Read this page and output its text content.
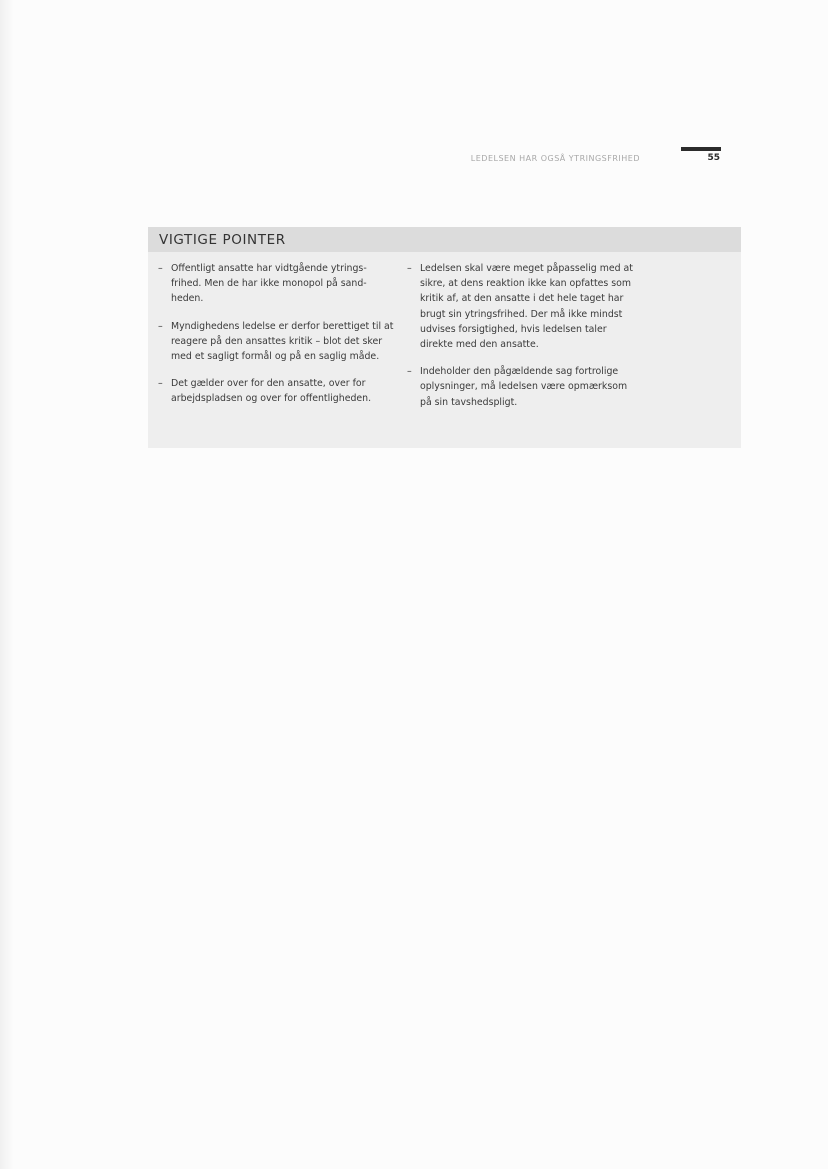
LEDELSEN HAR OGSÅ YTRINGSFRIHED	55
VIGTIGE POINTER
– Offentligt ansatte har vidtgående ytrings-frihed. Men de har ikke monopol på sand-heden.
– Myndighedens ledelse er derfor berettiget til at reagere på den ansattes kritik – blot det sker med et sagligt formål og på en saglig måde.
– Det gælder over for den ansatte, over for arbejdspladsen og over for offentligheden.
– Ledelsen skal være meget påpasselig med at sikre, at dens reaktion ikke kan opfattes som kritik af, at den ansatte i det hele taget har brugt sin ytringsfrihed. Der må ikke mindst udvises forsigtighed, hvis ledelsen taler direkte med den ansatte.
– Indeholder den pågældende sag fortrolige oplysninger, må ledelsen være opmærksom på sin tavshedspligt.
